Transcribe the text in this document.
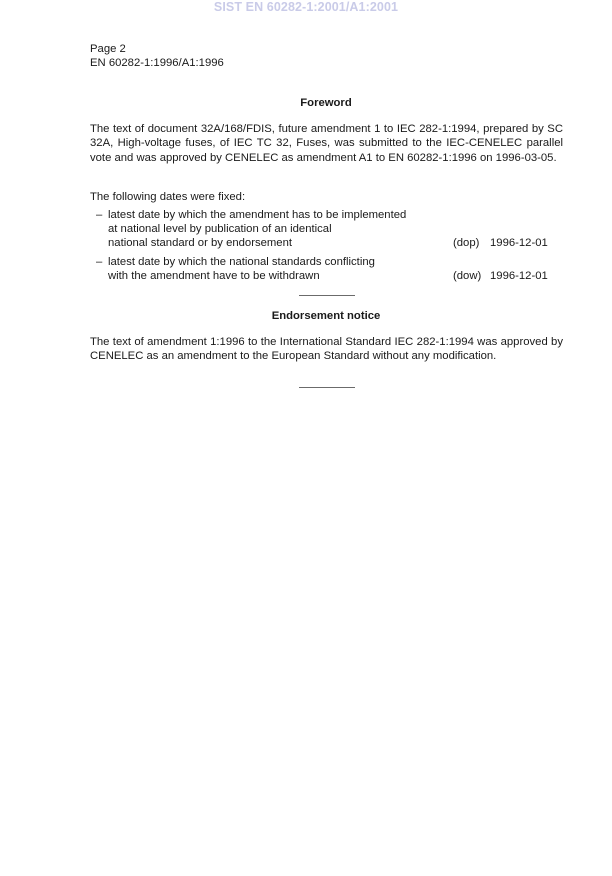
SIST EN 60282-1:2001/A1:2001
Page 2
EN 60282-1:1996/A1:1996
Foreword
The text of document 32A/168/FDIS, future amendment 1 to IEC 282-1:1994, prepared by SC 32A, High-voltage fuses, of IEC TC 32, Fuses, was submitted to the IEC-CENELEC parallel vote and was approved by CENELEC as amendment A1 to EN 60282-1:1996 on 1996-03-05.
The following dates were fixed:
– latest date by which the amendment has to be implemented
at national level by publication of an identical
national standard or by endorsement	(dop) 1996-12-01
– latest date by which the national standards conflicting
with the amendment have to be withdrawn	(dow) 1996-12-01
Endorsement notice
The text of amendment 1:1996 to the International Standard IEC 282-1:1994 was approved by CENELEC as an amendment to the European Standard without any modification.
